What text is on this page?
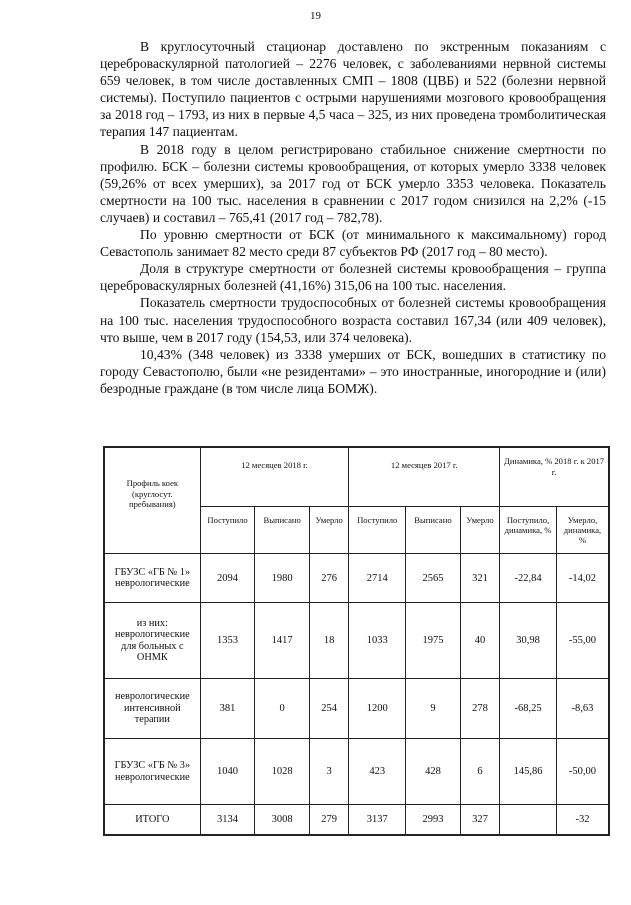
19

В круглосуточный стационар доставлено по экстренным показаниям с цереброваскулярной патологией – 2276 человек, с заболеваниями нервной системы 659 человек, в том числе доставленных СМП – 1808 (ЦВБ) и 522 (болезни нервной системы). Поступило пациентов с острыми нарушениями мозгового кровообращения за 2018 год – 1793, из них в первые 4,5 часа – 325, из них проведена тромболитическая терапия 147 пациентам.

В 2018 году в целом регистрировано стабильное снижение смертности по профилю. БСК – болезни системы кровообращения, от которых умерло 3338 человек (59,26% от всех умерших), за 2017 год от БСК умерло 3353 человека. Показатель смертности на 100 тыс. населения в сравнении с 2017 годом снизился на 2,2% (-15 случаев) и составил – 765,41 (2017 год – 782,78).

По уровню смертности от БСК (от минимального к максимальному) город Севастополь занимает 82 место среди 87 субъектов РФ (2017 год – 80 место).

Доля в структуре смертности от болезней системы кровообращения – группа цереброваскулярных болезней (41,16%) 315,06 на 100 тыс. населения.

Показатель смертности трудоспособных от болезней системы кровообращения на 100 тыс. населения трудоспособного возраста составил 167,34 (или 409 человек), что выше, чем в 2017 году (154,53, или 374 человека).

10,43% (348 человек) из 3338 умерших от БСК, вошедших в статистику по городу Севастополю, были «не резидентами» – это иностранные, иногородние и (или) безродные граждане (в том числе лица БОМЖ).

Профиль коек (круглосут. пребывания)	12 месяцев 2018 г.			12 месяцев 2017 г.			Динамика, % 2018 г. к 2017 г.	
	Поступило	Выписано	Умерло	Поступило	Выписано	Умерло	Поступило, динамика, %	Умерло, динамика, %
ГБУЗС «ГБ № 1» неврологические	2094	1980	276	2714	2565	321	-22,84	-14,02
из них: неврологические для больных с ОНМК	1353	1417	18	1033	1975	40	30,98	-55,00
неврологические интенсивной терапии	381	0	254	1200	9	278	-68,25	-8,63
ГБУЗС «ГБ № 3» неврологические	1040	1028	3	423	428	6	145,86	-50,00
ИТОГО	3134	3008	279	3137	2993	327		-32
